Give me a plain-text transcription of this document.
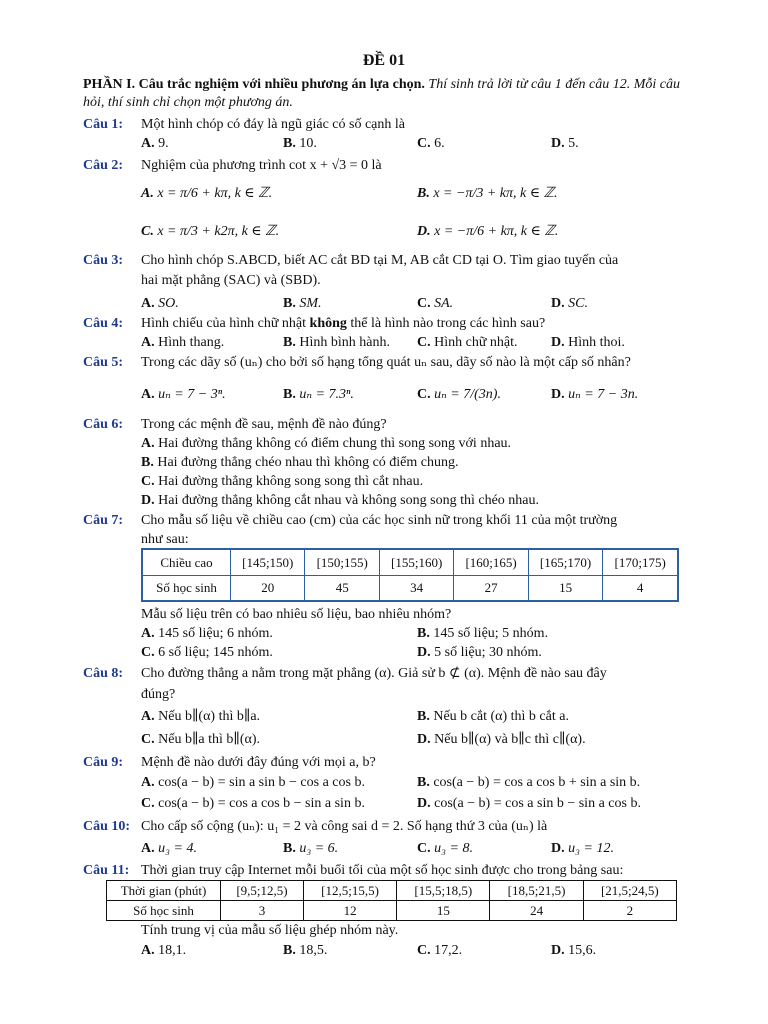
ĐỀ 01
PHẦN I. Câu trắc nghiệm với nhiều phương án lựa chọn. Thí sinh trả lời từ câu 1 đến câu 12. Mỗi câu hỏi, thí sinh chỉ chọn một phương án.
Câu 1: Một hình chóp có đáy là ngũ giác có số cạnh là
A. 9.	B. 10.	C. 6.	D. 5.
Câu 2: Nghiệm của phương trình cot x + √3 = 0 là
A. x = π/6 + kπ, k ∈ ℤ.	B. x = −π/3 + kπ, k ∈ ℤ.
C. x = π/3 + k2π, k ∈ ℤ.	D. x = −π/6 + kπ, k ∈ ℤ.
Câu 3: Cho hình chóp S.ABCD, biết AC cắt BD tại M, AB cắt CD tại O. Tìm giao tuyến của
hai mặt phẳng (SAC) và (SBD).
A. SO.	B. SM.	C. SA.	D. SC.
Câu 4: Hình chiếu của hình chữ nhật không thể là hình nào trong các hình sau?
A. Hình thang.	B. Hình bình hành. C. Hình chữ nhật. D. Hình thoi.
Câu 5: Trong các dãy số (uₙ) cho bởi số hạng tổng quát uₙ sau, dãy số nào là một cấp số nhân?
A. uₙ = 7 − 3ⁿ.	B. uₙ = 7.3ⁿ.	C. uₙ = 7/(3n).	D. uₙ = 7 − 3n.
Câu 6: Trong các mệnh đề sau, mệnh đề nào đúng?
A. Hai đường thẳng không có điểm chung thì song song với nhau.
B. Hai đường thẳng chéo nhau thì không có điểm chung.
C. Hai đường thẳng không song song thì cắt nhau.
D. Hai đường thẳng không cắt nhau và không song song thì chéo nhau.
Câu 7: Cho mẫu số liệu về chiều cao (cm) của các học sinh nữ trong khối 11 của một trường
như sau:
Chiều cao	[145;150)	[150;155)	[155;160)	[160;165)	[165;170)	[170;175)
Số học sinh	20	45	34	27	15	4
Mẫu số liệu trên có bao nhiêu số liệu, bao nhiêu nhóm?
A. 145 số liệu; 6 nhóm.	B. 145 số liệu; 5 nhóm.
C. 6 số liệu; 145 nhóm.	D. 5 số liệu; 30 nhóm.
Câu 8: Cho đường thẳng a nằm trong mặt phẳng (α). Giả sử b ⊄ (α). Mệnh đề nào sau đây
đúng?
A. Nếu b∥(α) thì b∥a.	B. Nếu b cắt (α) thì b cắt a.
C. Nếu b∥a thì b∥(α).	D. Nếu b∥(α) và b∥c thì c∥(α).
Câu 9: Mệnh đề nào dưới đây đúng với mọi a, b?
A. cos(a − b) = sin a sin b − cos a cos b.	B. cos(a − b) = cos a cos b + sin a sin b.
C. cos(a − b) = cos a cos b − sin a sin b.	D. cos(a − b) = cos a sin b − sin a cos b.
Câu 10: Cho cấp số cộng (uₙ): u₁ = 2 và công sai d = 2. Số hạng thứ 3 của (uₙ) là
A. u₃ = 4.	B. u₃ = 6.	C. u₃ = 8.	D. u₃ = 12.
Câu 11: Thời gian truy cập Internet mỗi buổi tối của một số học sinh được cho trong bảng sau:
Thời gian (phút)	[9,5;12,5)	[12,5;15,5)	[15,5;18,5)	[18,5;21,5)	[21,5;24,5)
Số học sinh	3	12	15	24	2
Tính trung vị của mẫu số liệu ghép nhóm này.
A. 18,1.	B. 18,5.	C. 17,2.	D. 15,6.
